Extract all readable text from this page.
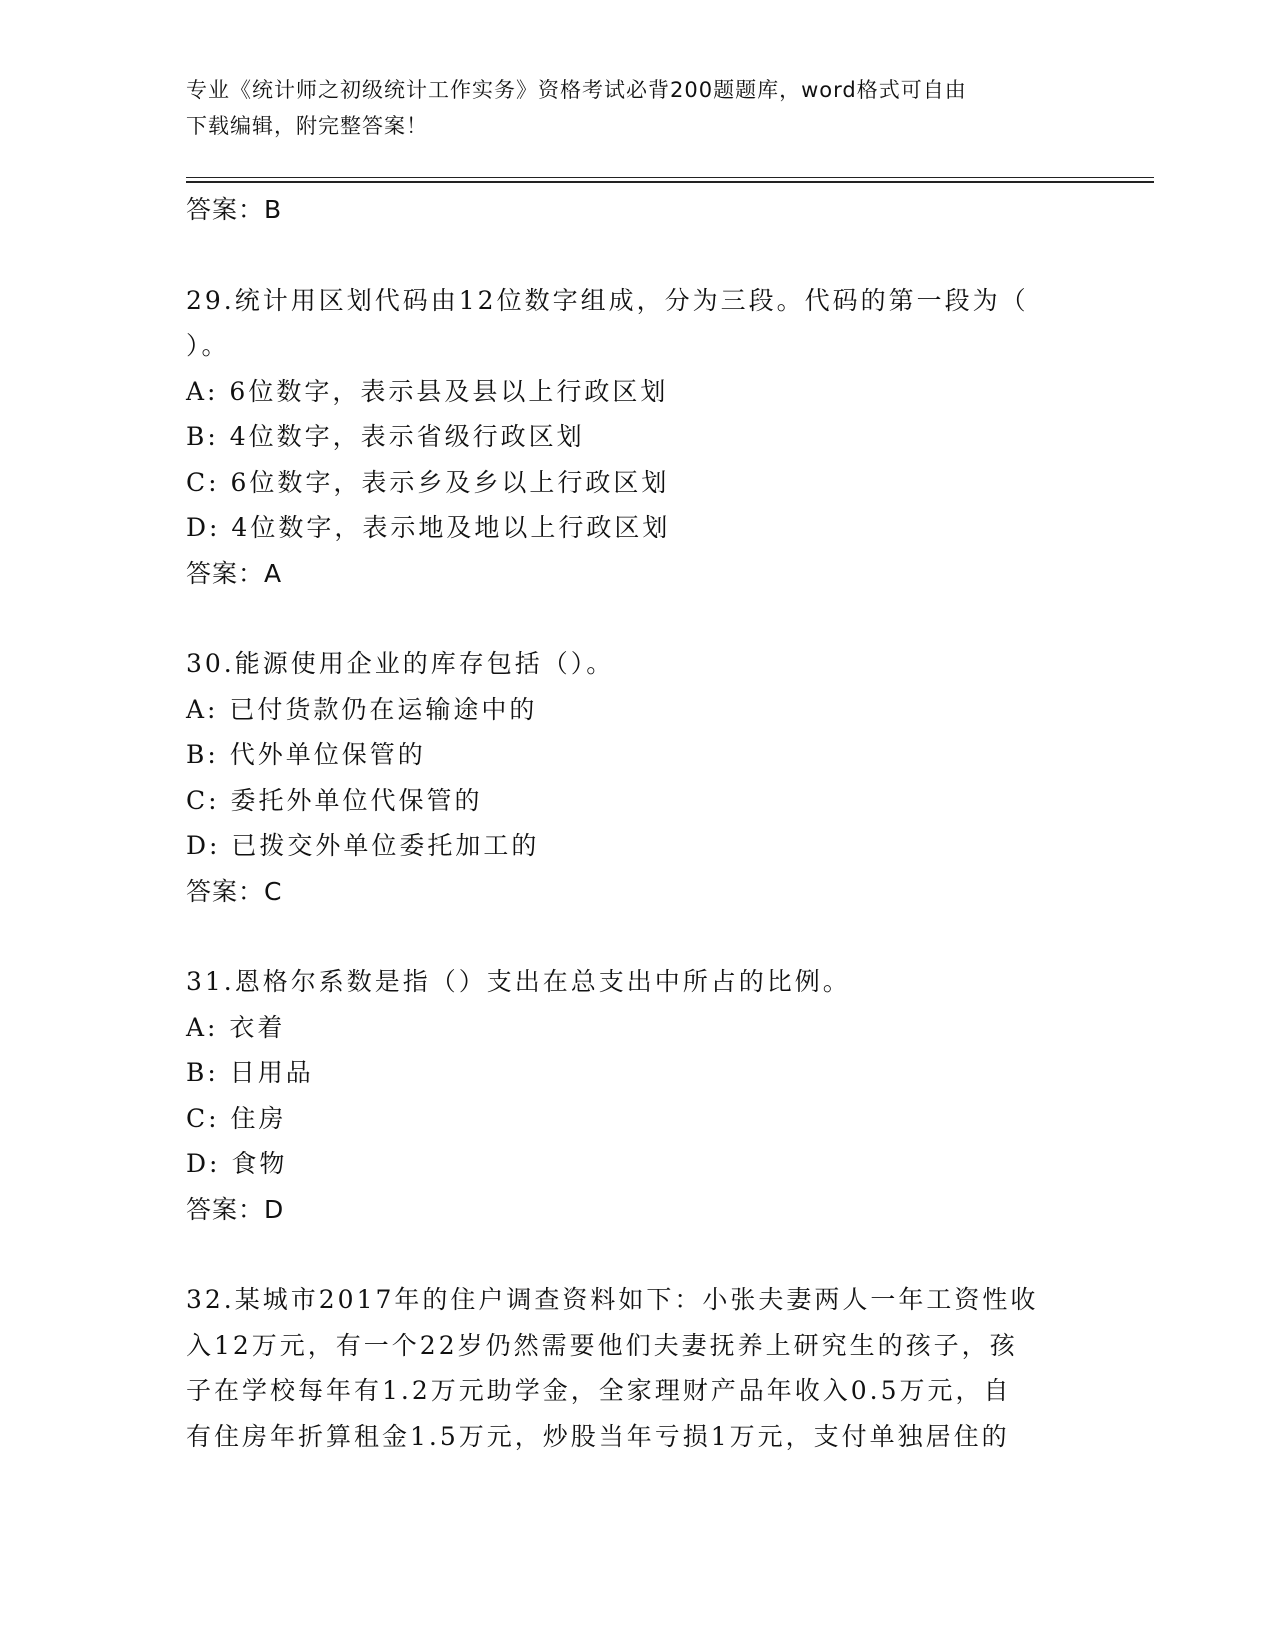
专业《统计师之初级统计工作实务》资格考试必背200题题库，word格式可自由
下载编辑，附完整答案！
答案：B
29.统计用区划代码由12位数字组成，分为三段。代码的第一段为（
）。
A: 6位数字，表示县及县以上行政区划
B: 4位数字，表示省级行政区划
C: 6位数字，表示乡及乡以上行政区划
D: 4位数字，表示地及地以上行政区划
答案：A
30.能源使用企业的库存包括（）。
A: 已付货款仍在运输途中的
B: 代外单位保管的
C: 委托外单位代保管的
D: 已拨交外单位委托加工的
答案：C
31.恩格尔系数是指（）支出在总支出中所占的比例。
A: 衣着
B: 日用品
C: 住房
D: 食物
答案：D
32.某城市2017年的住户调查资料如下：小张夫妻两人一年工资性收
入12万元，有一个22岁仍然需要他们夫妻抚养上研究生的孩子，孩
子在学校每年有1.2万元助学金，全家理财产品年收入0.5万元，自
有住房年折算租金1.5万元，炒股当年亏损1万元，支付单独居住的
